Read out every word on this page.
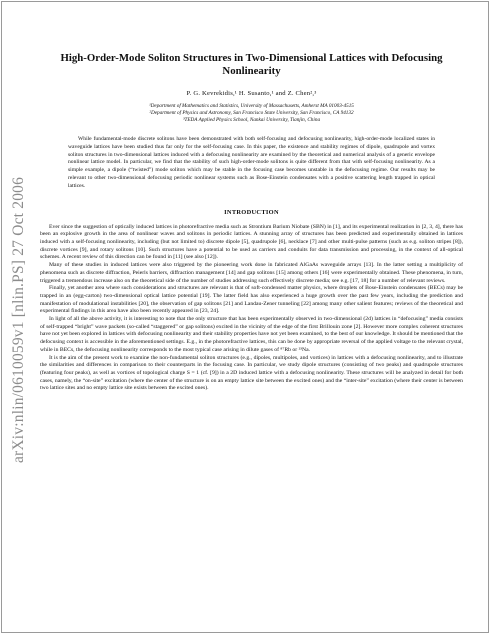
arXiv:nlin/0610059v1 [nlin.PS] 27 Oct 2006
High-Order-Mode Soliton Structures in Two-Dimensional Lattices with Defocusing Nonlinearity
P. G. Kevrekidis,¹ H. Susanto,¹ and Z. Chen²,³
¹Department of Mathematics and Statistics, University of Massachusetts, Amherst MA 01003-4515
²Department of Physics and Astronomy, San Francisco State University, San Francisco, CA 94132
³TEDA Applied Physics School, Nankai University, Tianjin, China
While fundamental-mode discrete solitons have been demonstrated with both self-focusing and defocusing nonlinearity, high-order-mode localized states in waveguide lattices have been studied thus far only for the self-focusing case. In this paper, the existence and stability regimes of dipole, quadrupole and vortex soliton structures in two-dimensional lattices induced with a defocusing nonlinearity are examined by the theoretical and numerical analysis of a generic envelope nonlinear lattice model. In particular, we find that the stability of such high-order-mode solitons is quite different from that with self-focusing nonlinearity. As a simple example, a dipole (“twisted”) mode soliton which may be stable in the focusing case becomes unstable in the defocusing regime. Our results may be relevant to other two-dimensional defocusing periodic nonlinear systems such as Bose-Einstein condensates with a positive scattering length trapped in optical lattices.
INTRODUCTION

Ever since the suggestion of optically induced lattices in photorefractive media such as Strontium Barium Niobate (SBN) in [1], and its experimental realization in [2, 3, 4], there has been an explosive growth in the area of nonlinear waves and solitons in periodic lattices. A stunning array of structures has been predicted and experimentally obtained in lattices induced with a self-focusing nonlinearity, including (but not limited to) discrete dipole [5], quadrupole [6], necklace [7] and other multi-pulse patterns (such as e.g. soliton stripes [8]), discrete vortices [9], and rotary solitons [10]. Such structures have a potential to be used as carriers and conduits for data transmission and processing, in the context of all-optical schemes. A recent review of this direction can be found in [11] (see also [12]).

Many of these studies in induced lattices were also triggered by the pioneering work done in fabricated AlGaAs waveguide arrays [13]. In the latter setting a multiplicity of phenomena such as discrete diffraction, Peierls barriers, diffraction management [14] and gap solitons [15] among others [16] were experimentally obtained. These phenomena, in turn, triggered a tremendous increase also on the theoretical side of the number of studies addressing such effectively discrete media; see e.g. [17, 18] for a number of relevant reviews.

Finally, yet another area where such considerations and structures are relevant is that of soft-condensed matter physics, where droplets of Bose-Einstein condensates (BECs) may be trapped in an (egg-carton) two-dimensional optical lattice potential [19]. The latter field has also experienced a huge growth over the past few years, including the prediction and manifestation of modulational instabilities [20], the observation of gap solitons [21] and Landau-Zener tunneling [22] among many other salient features; reviews of the theoretical and experimental findings in this area have also been recently appeared in [23, 24].

In light of all the above activity, it is interesting to note that the only structure that has been experimentally observed in two-dimensional (2d) lattices in “defocusing” media consists of self-trapped “bright” wave packets (so-called “staggered” or gap solitons) excited in the vicinity of the edge of the first Brillouin zone [2]. However more complex coherent structures have not yet been explored in lattices with defocusing nonlinearity and their stability properties have not yet been examined, to the best of our knowledge. It should be mentioned that the defocusing context is accessible in the aforementioned settings. E.g., in the photorefractive lattices, this can be done by appropriate reversal of the applied voltage to the relevant crystal, while in BECs, the defocusing nonlinearity corresponds to the most typical case arising in dilute gases of ⁸⁷Rb or ²³Na.

It is the aim of the present work to examine the non-fundamental soliton structures (e.g., dipoles, multipoles, and vortices) in lattices with a defocusing nonlinearity, and to illustrate the similarities and differences in comparison to their counterparts in the focusing case. In particular, we study dipole structures (consisting of two peaks) and quadrupole structures (featuring four peaks), as well as vortices of topological charge S = 1 (cf. [9]) in a 2D induced lattice with a defocusing nonlinearity. These structures will be analyzed in detail for both cases, namely, the “on-site” excitation (where the center of the structure is on an empty lattice site between the excited ones) and the “inter-site” excitation (where their center is between two lattice sites and no empty lattice site exists between the excited ones).
